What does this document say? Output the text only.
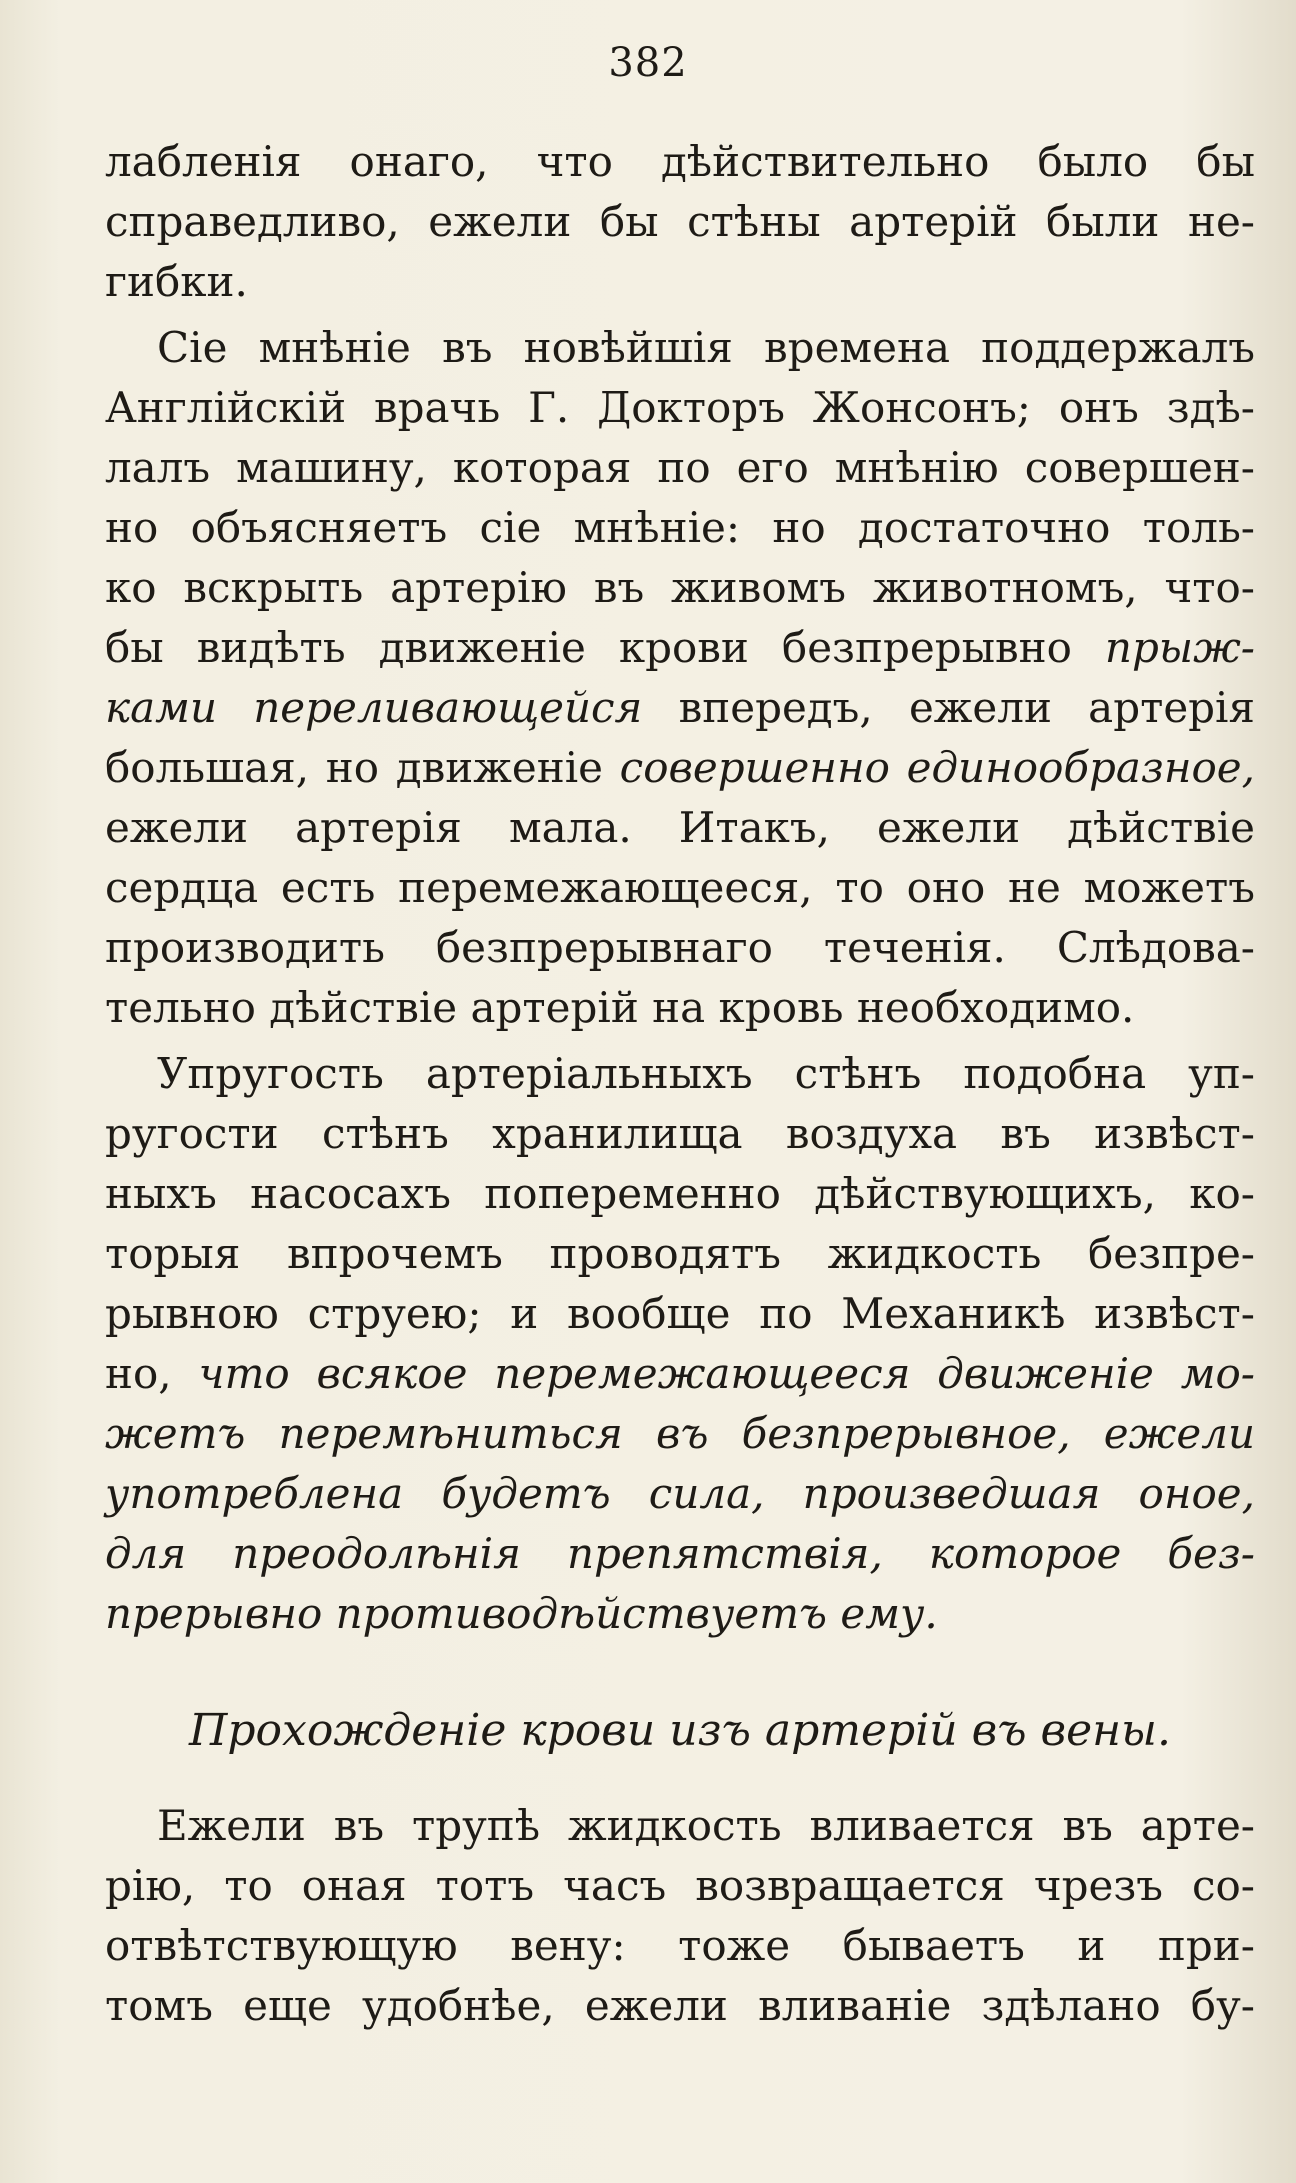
382
лабленія онаго, что дѣйствительно было бы
справедливо, ежели бы стѣны артерій были не-
гибки.
Сіе мнѣніе въ новѣйшія времена поддержалъ
Англійскій врачь Г. Докторъ Жонсонъ; онъ здѣ-
лалъ машину, которая по его мнѣнію совершен-
но объясняетъ сіе мнѣніе: но достаточно толь-
ко вскрыть артерію въ живомъ животномъ, что-
бы видѣть движеніе крови безпрерывно прыж-
ками переливающейся впередъ, ежели артерія
большая, но движеніе совершенно единообразное,
ежели артерія мала. Итакъ, ежели дѣйствіе
сердца есть перемежающееся, то оно не можетъ
производить безпрерывнаго теченія. Слѣдова-
тельно дѣйствіе артерій на кровь необходимо.
Упругость артеріальныхъ стѣнъ подобна уп-
ругости стѣнъ хранилища воздуха въ извѣст-
ныхъ насосахъ попеременно дѣйствующихъ, ко-
торыя впрочемъ проводятъ жидкость безпре-
рывною струею; и вообще по Механикѣ извѣст-
но, что всякое перемежающееся движеніе мо-
жетъ перемѣниться въ безпрерывное, ежели
употреблена будетъ сила, произведшая оное,
для преодолѣнія препятствія, которое без-
прерывно противодѣйствуетъ ему.
Прохожденіе крови изъ артерій въ вены.
Ежели въ трупѣ жидкость вливается въ арте-
рію, то оная тотъ часъ возвращается чрезъ со-
отвѣтствующую вену: тоже бываетъ и при-
томъ еще удобнѣе, ежели вливаніе здѣлано бу-
